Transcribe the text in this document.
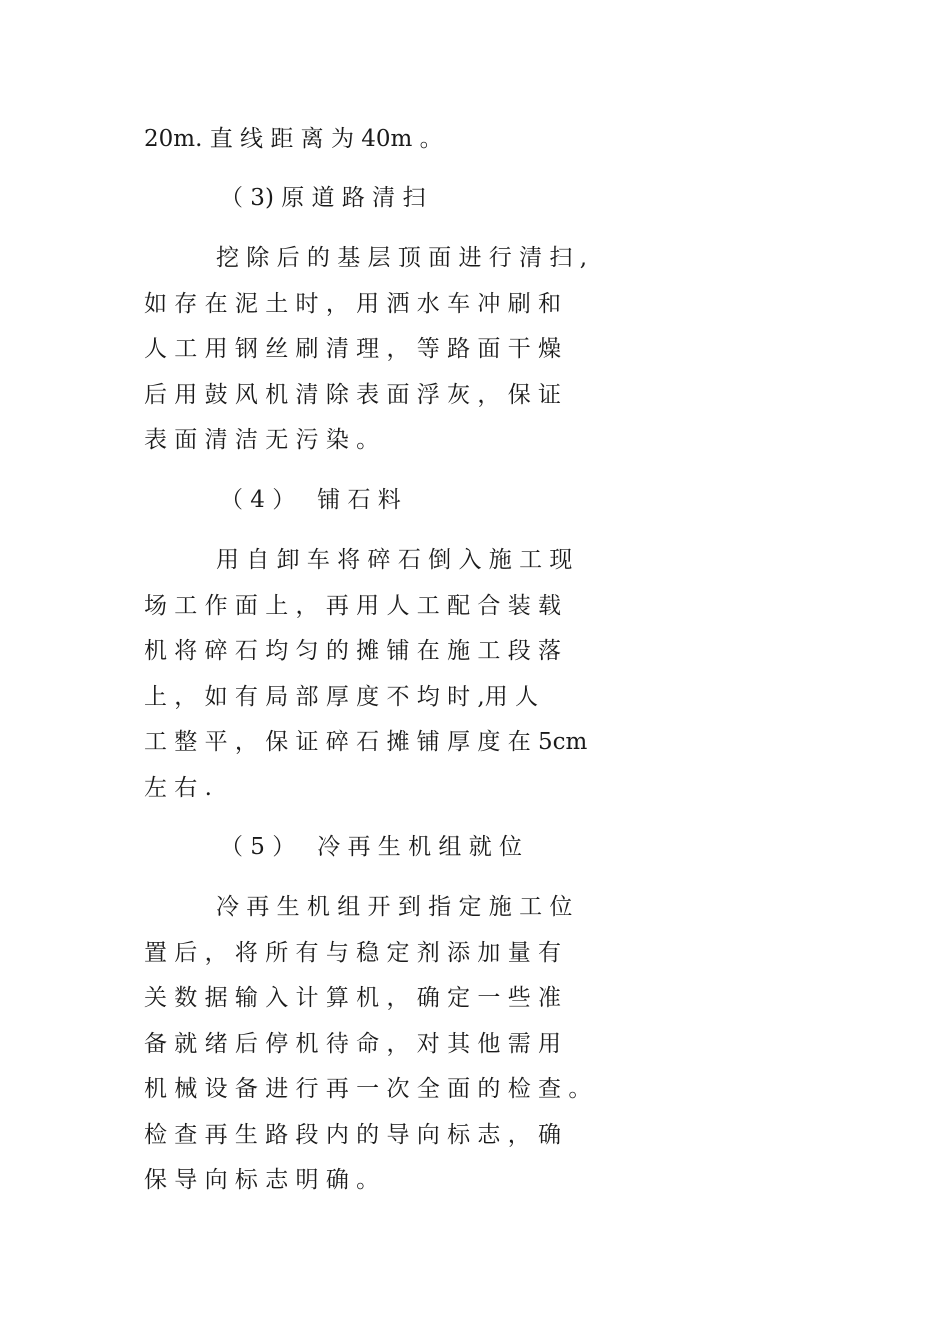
20m. 直 线 距 离 为 40m 。
（ 3) 原 道 路 清 扫
挖 除 后 的 基 层 顶 面 进 行 清 扫 ,
如 存 在 泥 土 时 ， 用 洒 水 车 冲 刷 和
人 工 用 钢 丝 刷 清 理 ， 等 路 面 干 燥
后 用 鼓 风 机 清 除 表 面 浮 灰 ， 保 证
表 面 清 洁 无 污 染 。
（ 4 ）   铺 石 料
用 自 卸 车 将 碎 石 倒 入 施 工 现
场 工 作 面 上 ， 再 用 人 工 配 合 装 载
机 将 碎 石 均 匀 的 摊 铺 在 施 工 段 落
上 ， 如 有 局 部 厚 度 不 均 时 ,用 人
工 整 平 ， 保 证 碎 石 摊 铺 厚 度 在 5cm
左 右 .
（ 5 ）   冷 再 生 机 组 就 位
冷 再 生 机 组 开 到 指 定 施 工 位
置 后 ， 将 所 有 与 稳 定 剂 添 加 量 有
关 数 据 输 入 计 算 机 ， 确 定 一 些 准
备 就 绪 后 停 机 待 命 ， 对 其 他 需 用
机 械 设 备 进 行 再 一 次 全 面 的 检 查 。
检 查 再 生 路 段 内 的 导 向 标 志 ， 确
保 导 向 标 志 明 确 。
